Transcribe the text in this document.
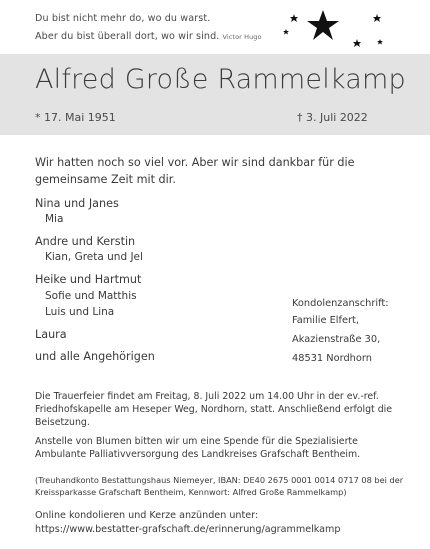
Du bist nicht mehr do, wo du warst.
Aber du bist überall dort, wo wir sind. Victor Hugo
Alfred Große Rammelkamp
* 17. Mai 1951	† 3. Juli 2022
Wir hatten noch so viel vor. Aber wir sind dankbar für die gemeinsame Zeit mit dir.
Nina und Janes
Mia
Andre und Kerstin
Kian, Greta und Jel
Heike und Hartmut
Sofie und Matthis
Luis und Lina
Laura
und alle Angehörigen
Kondolenzanschrift:
Familie Elfert,
Akazienstraße 30,
48531 Nordhorn
Die Trauerfeier findet am Freitag, 8. Juli 2022 um 14.00 Uhr in der ev.-ref. Friedhofskapelle am Heseper Weg, Nordhorn, statt. Anschließend erfolgt die Beisetzung.
Anstelle von Blumen bitten wir um eine Spende für die Spezialisierte Ambulante Palliativversorgung des Landkreises Grafschaft Bentheim.
(Treuhandkonto Bestattungshaus Niemeyer, IBAN: DE40 2675 0001 0014 0717 08 bei der Kreissparkasse Grafschaft Bentheim, Kennwort: Alfred Große Rammelkamp)
Online kondolieren und Kerze anzünden unter:
https://www.bestatter-grafschaft.de/erinnerung/agrammelkamp
